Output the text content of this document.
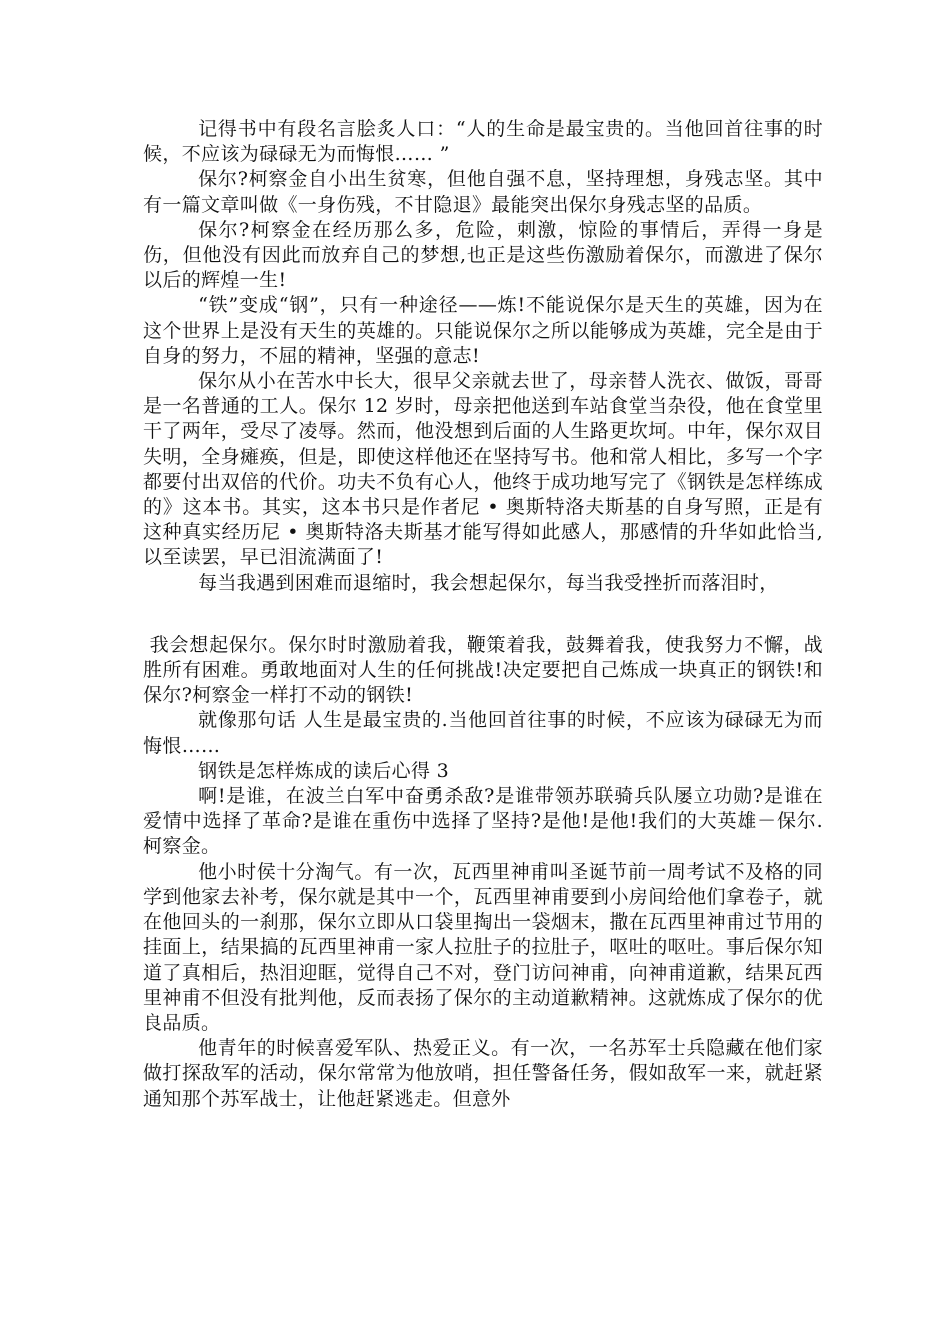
记得书中有段名言脍炙人口：“人的生命是最宝贵的。当他回首往事的时候，不应该为碌碌无为而悔恨…… ”

保尔?柯察金自小出生贫寒，但他自强不息，坚持理想，身残志坚。其中有一篇文章叫做《一身伤残，不甘隐退》最能突出保尔身残志坚的品质。

保尔?柯察金在经历那么多，危险，刺激，惊险的事情后，弄得一身是伤，但他没有因此而放弃自己的梦想,也正是这些伤激励着保尔，而激进了保尔以后的辉煌一生!

“铁”变成“钢”，只有一种途径——炼!不能说保尔是天生的英雄，因为在这个世界上是没有天生的英雄的。只能说保尔之所以能够成为英雄，完全是由于自身的努力，不屈的精神，坚强的意志!

保尔从小在苦水中长大，很早父亲就去世了，母亲替人洗衣、做饭，哥哥是一名普通的工人。保尔 12 岁时，母亲把他送到车站食堂当杂役，他在食堂里干了两年，受尽了凌辱。然而，他没想到后面的人生路更坎坷。中年，保尔双目失明，全身瘫痪，但是，即使这样他还在坚持写书。他和常人相比，多写一个字都要付出双倍的代价。功夫不负有心人，他终于成功地写完了《钢铁是怎样练成的》这本书。其实，这本书只是作者尼 • 奥斯特洛夫斯基的自身写照，正是有这种真实经历尼 • 奥斯特洛夫斯基才能写得如此感人，那感情的升华如此恰当,以至读罢，早已泪流满面了!

每当我遇到困难而退缩时，我会想起保尔，每当我受挫折而落泪时，

我会想起保尔。保尔时时激励着我，鞭策着我，鼓舞着我，使我努力不懈，战胜所有困难。勇敢地面对人生的任何挑战!决定要把自己炼成一块真正的钢铁!和保尔?柯察金一样打不动的钢铁!

就像那句话 人生是最宝贵的.当他回首往事的时候，不应该为碌碌无为而悔恨……

钢铁是怎样炼成的读后心得 3

啊!是谁，在波兰白军中奋勇杀敌?是谁带领苏联骑兵队屡立功勋?是谁在爱情中选择了革命?是谁在重伤中选择了坚持?是他!是他!我们的大英雄－保尔.柯察金。

他小时侯十分淘气。有一次，瓦西里神甫叫圣诞节前一周考试不及格的同学到他家去补考，保尔就是其中一个，瓦西里神甫要到小房间给他们拿卷子，就在他回头的一刹那，保尔立即从口袋里掏出一袋烟末，撒在瓦西里神甫过节用的挂面上，结果搞的瓦西里神甫一家人拉肚子的拉肚子，呕吐的呕吐。事后保尔知道了真相后，热泪迎眶，觉得自己不对，登门访问神甫，向神甫道歉，结果瓦西里神甫不但没有批判他，反而表扬了保尔的主动道歉精神。这就炼成了保尔的优良品质。

他青年的时候喜爱军队、热爱正义。有一次，一名苏军士兵隐藏在他们家做打探敌军的活动，保尔常常为他放哨，担任警备任务，假如敌军一来，就赶紧通知那个苏军战士，让他赶紧逃走。但意外
